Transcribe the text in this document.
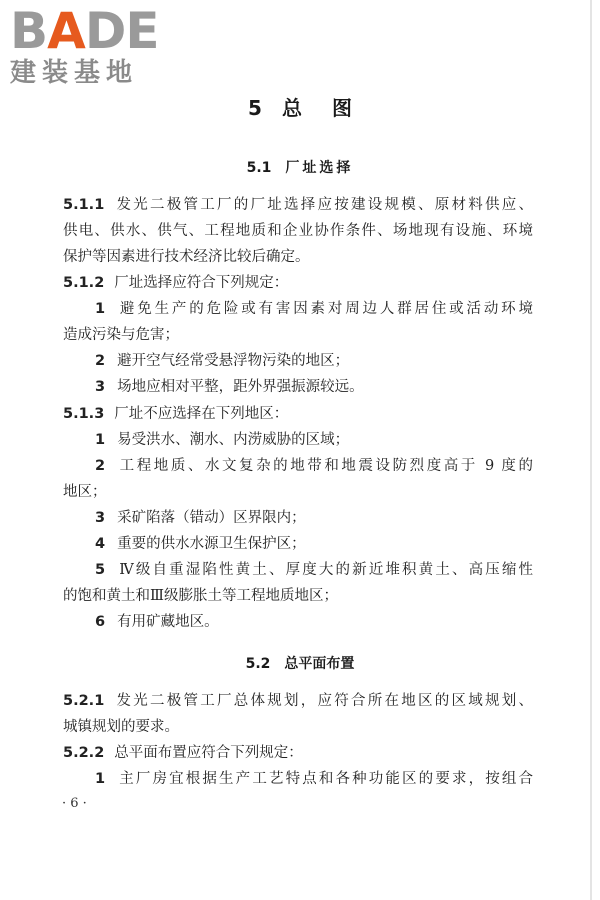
BADE
建装基地
5 总 图
5.1 厂址选择
5.1.1 发光二极管工厂的厂址选择应按建设规模、原材料供应、
供电、供水、供气、工程地质和企业协作条件、场地现有设施、环境
保护等因素进行技术经济比较后确定。
5.1.2 厂址选择应符合下列规定：
1 避免生产的危险或有害因素对周边人群居住或活动环境
造成污染与危害；
2 避开空气经常受悬浮物污染的地区；
3 场地应相对平整，距外界强振源较远。
5.1.3 厂址不应选择在下列地区：
1 易受洪水、潮水、内涝威胁的区域；
2 工程地质、水文复杂的地带和地震设防烈度高于 9 度的
地区；
3 采矿陷落（错动）区界限内；
4 重要的供水水源卫生保护区；
5 Ⅳ级自重湿陷性黄土、厚度大的新近堆积黄土、高压缩性
的饱和黄土和Ⅲ级膨胀土等工程地质地区；
6 有用矿藏地区。
5.2 总平面布置
5.2.1 发光二极管工厂总体规划，应符合所在地区的区域规划、
城镇规划的要求。
5.2.2 总平面布置应符合下列规定：
1 主厂房宜根据生产工艺特点和各种功能区的要求，按组合
· 6 ·
